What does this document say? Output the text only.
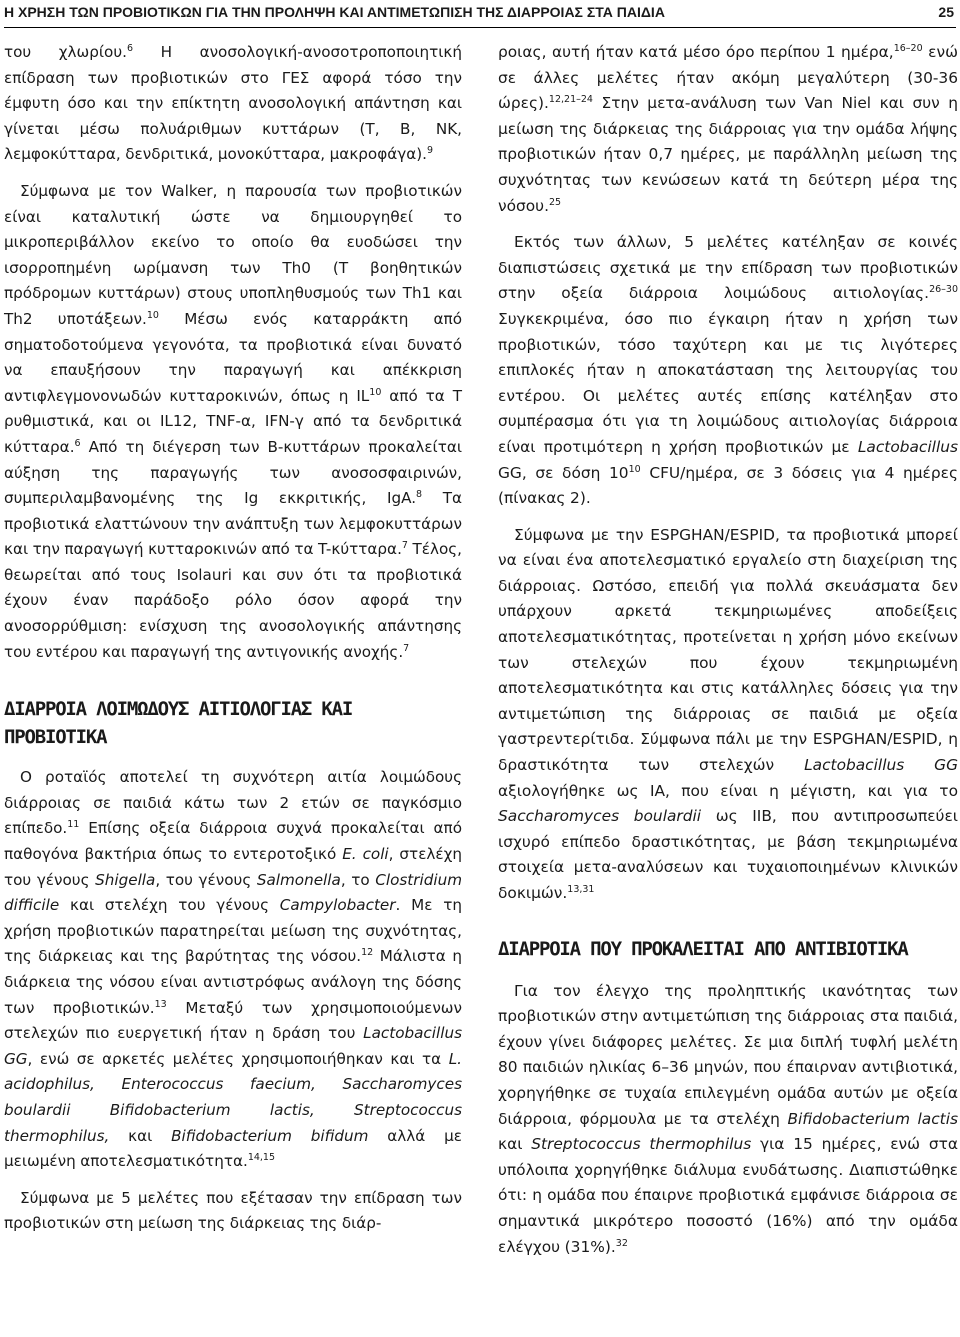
Η ΧΡΗΣΗ ΤΩΝ ΠΡΟΒΙΟΤΙΚΩΝ ΓΙΑ ΤΗΝ ΠΡΟΛΗΨΗ ΚΑΙ ΑΝΤΙΜΕΤΩΠΙΣΗ ΤΗΣ ΔΙΑΡΡΟΙΑΣ ΣΤΑ ΠΑΙΔΙΑ	25

του χλωρίου.$^6$ Η ανοσολογική-ανοσοτροποποιητική επίδραση των προβιοτικών στο ΓΕΣ αφορά τόσο την έμφυτη όσο και την επίκτητη ανοσολογική απάντηση και γίνεται μέσω πολυάριθμων κυττάρων (T, B, NK, λεμφοκύτταρα, δενδριτικά, μονοκύτταρα, μακροφάγα).$^9$

Σύμφωνα με τον Walker, η παρουσία των προβιοτικών είναι καταλυτική ώστε να δημιουργηθεί το μικροπεριβάλλον εκείνο το οποίο θα ευοδώσει την ισορροπημένη ωρίμανση των Th0 (T βοηθητικών πρόδρομων κυττάρων) στους υποπληθυσμούς των Th1 και Th2 υποτάξεων.$^{10}$ Μέσω ενός καταρράκτη από σηματοδοτούμενα γεγονότα, τα προβιοτικά είναι δυνατό να επαυξήσουν την παραγωγή και απέκκριση αντιφλεγμονονωδών κυτταροκινών, όπως η IL$^{10}$ από τα T ρυθμιστικά, και οι IL12, TNF-α, IFN-γ από τα δενδριτικά κύτταρα.$^6$ Από τη διέγερση των B-κυττάρων προκαλείται αύξηση της παραγωγής των ανοσοσφαιρινών, συμπεριλαμβανομένης της Ig εκκριτικής, IgA.$^8$ Τα προβιοτικά ελαττώνουν την ανάπτυξη των λεμφοκυττάρων και την παραγωγή κυτταροκινών από τα T-κύτταρα.$^7$ Τέλος, θεωρείται από τους Isolauri και συν ότι τα προβιοτικά έχουν έναν παράδοξο ρόλο όσον αφορά την ανοσορρύθμιση: ενίσχυση της ανοσολογικής απάντησης του εντέρου και παραγωγή της αντιγονικής ανοχής.$^7$

ΔΙΑΡΡΟΙΑ ΛΟΙΜΩΔΟΥΣ ΑΙΤΙΟΛΟΓΙΑΣ ΚΑΙ ΠΡΟΒΙΟΤΙΚΑ

Ο ροταϊός αποτελεί τη συχνότερη αιτία λοιμώδους διάρροιας σε παιδιά κάτω των 2 ετών σε παγκόσμιο επίπεδο.$^{11}$ Επίσης οξεία διάρροια συχνά προκαλείται από παθογόνα βακτήρια όπως το εντεροτοξικό E. coli, στελέχη του γένους Shigella, του γένους Salmonella, το Clostridium difficile και στελέχη του γένους Campylobacter. Με τη χρήση προβιοτικών παρατηρείται μείωση της συχνότητας, της διάρκειας και της βαρύτητας της νόσου.$^{12}$ Μάλιστα η διάρκεια της νόσου είναι αντιστρόφως ανάλογη της δόσης των προβιοτικών.$^{13}$ Μεταξύ των χρησιμοποιούμενων στελεχών πιο ευεργετική ήταν η δράση του Lactobacillus GG, ενώ σε αρκετές μελέτες χρησιμοποιήθηκαν και τα L. acidophilus, Enterococcus faecium, Saccharomyces boulardii Bifidobacterium lactis, Streptococcus thermophilus, και Bifidobacterium bifidum αλλά με μειωμένη αποτελεσματικότητα.$^{14,15}$

Σύμφωνα με 5 μελέτες που εξέτασαν την επίδραση των προβιοτικών στη μείωση της διάρκειας της διάρ-

ροιας, αυτή ήταν κατά μέσο όρο περίπου 1 ημέρα,$^{16-20}$ ενώ σε άλλες μελέτες ήταν ακόμη μεγαλύτερη (30-36 ώρες).$^{12,21-24}$ Στην μετα-ανάλυση των Van Niel και συν η μείωση της διάρκειας της διάρροιας για την ομάδα λήψης προβιοτικών ήταν 0,7 ημέρες, με παράλληλη μείωση της συχνότητας των κενώσεων κατά τη δεύτερη μέρα της νόσου.$^{25}$

Εκτός των άλλων, 5 μελέτες κατέληξαν σε κοινές διαπιστώσεις σχετικά με την επίδραση των προβιοτικών στην οξεία διάρροια λοιμώδους αιτιολογίας.$^{26-30}$ Συγκεκριμένα, όσο πιο έγκαιρη ήταν η χρήση των προβιοτικών, τόσο ταχύτερη και με τις λιγότερες επιπλοκές ήταν η αποκατάσταση της λειτουργίας του εντέρου. Οι μελέτες αυτές επίσης κατέληξαν στο συμπέρασμα ότι για τη λοιμώδους αιτιολογίας διάρροια είναι προτιμότερη η χρήση προβιοτικών με Lactobacillus GG, σε δόση $10^{10}$ CFU/ημέρα, σε 3 δόσεις για 4 ημέρες (πίνακας 2).

Σύμφωνα με την ESPGHAN/ESPID, τα προβιοτικά μπορεί να είναι ένα αποτελεσματικό εργαλείο στη διαχείριση της διάρροιας. Ωστόσο, επειδή για πολλά σκευάσματα δεν υπάρχουν αρκετά τεκμηριωμένες αποδείξεις αποτελεσματικότητας, προτείνεται η χρήση μόνο εκείνων των στελεχών που έχουν τεκμηριωμένη αποτελεσματικότητα και στις κατάλληλες δόσεις για την αντιμετώπιση της διάρροιας σε παιδιά με οξεία γαστρεντερίτιδα. Σύμφωνα πάλι με την ESPGHAN/ESPID, η δραστικότητα των στελεχών Lactobacillus GG αξιολογήθηκε ως IA, που είναι η μέγιστη, και για το Saccharomyces boulardii ως IIB, που αντιπροσωπεύει ισχυρό επίπεδο δραστικότητας, με βάση τεκμηριωμένα στοιχεία μετα-αναλύσεων και τυχαιοποιημένων κλινικών δοκιμών.$^{13,31}$

ΔΙΑΡΡΟΙΑ ΠΟΥ ΠΡΟΚΑΛΕΙΤΑΙ ΑΠΟ ΑΝΤΙΒΙΟΤΙΚΑ

Για τον έλεγχο της προληπτικής ικανότητας των προβιοτικών στην αντιμετώπιση της διάρροιας στα παιδιά, έχουν γίνει διάφορες μελέτες. Σε μια διπλή τυφλή μελέτη 80 παιδιών ηλικίας 6–36 μηνών, που έπαιρναν αντιβιοτικά, χορηγήθηκε σε τυχαία επιλεγμένη ομάδα αυτών με οξεία διάρροια, φόρμουλα με τα στελέχη Bifidobacterium lactis και Streptococcus thermophilus για 15 ημέρες, ενώ στα υπόλοιπα χορηγήθηκε διάλυμα ενυδάτωσης. Διαπιστώθηκε ότι: η ομάδα που έπαιρνε προβιοτικά εμφάνισε διάρροια σε σημαντικά μικρότερο ποσοστό (16%) από την ομάδα ελέγχου (31%).$^{32}$
